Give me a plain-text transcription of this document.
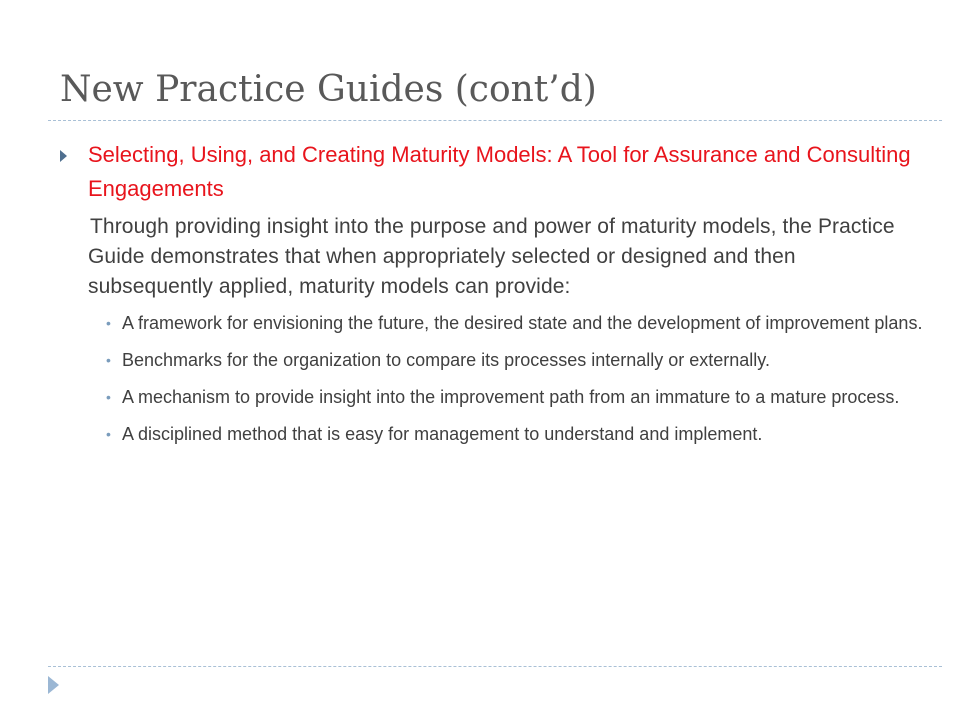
New Practice Guides (cont’d)
Selecting, Using, and Creating Maturity Models: A Tool for Assurance and Consulting Engagements
Through providing insight into the purpose and power of maturity models, the Practice Guide demonstrates that when appropriately selected or designed and then subsequently applied, maturity models can provide:
• A framework for envisioning the future, the desired state and the development of improvement plans.
• Benchmarks for the organization to compare its processes internally or externally.
• A mechanism to provide insight into the improvement path from an immature to a mature process.
• A disciplined method that is easy for management to understand and implement.
